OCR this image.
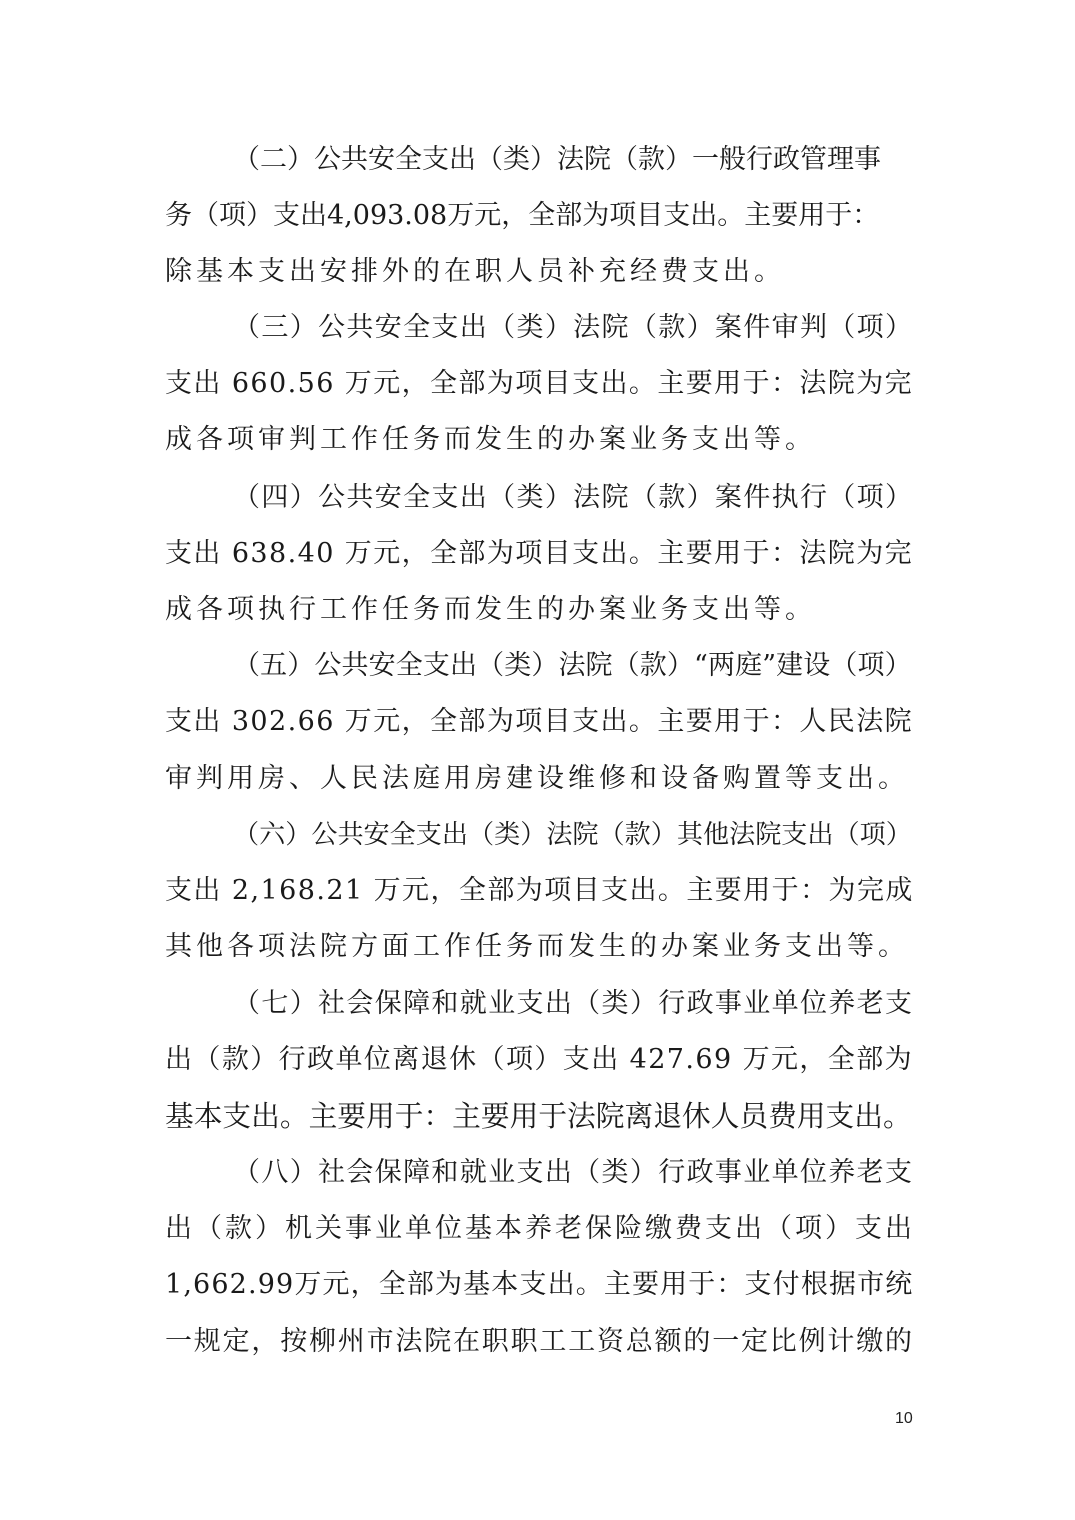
（二）公共安全支出（类）法院（款）一般行政管理事
务（项）支出4,093.08万元，全部为项目支出。主要用于：
除基本支出安排外的在职人员补充经费支出。
（三）公共安全支出（类）法院（款）案件审判（项）
支出 660.56 万元，全部为项目支出。主要用于：法院为完
成各项审判工作任务而发生的办案业务支出等。
（四）公共安全支出（类）法院（款）案件执行（项）
支出 638.40 万元，全部为项目支出。主要用于：法院为完
成各项执行工作任务而发生的办案业务支出等。
（五）公共安全支出（类）法院（款）“两庭”建设（项）
支出 302.66 万元，全部为项目支出。主要用于：人民法院
审判用房、人民法庭用房建设维修和设备购置等支出。
（六）公共安全支出（类）法院（款）其他法院支出（项）
支出 2,168.21 万元，全部为项目支出。主要用于：为完成
其他各项法院方面工作任务而发生的办案业务支出等。
（七）社会保障和就业支出（类）行政事业单位养老支
出（款）行政单位离退休（项）支出 427.69 万元，全部为
基本支出。主要用于：主要用于法院离退休人员费用支出。
（八）社会保障和就业支出（类）行政事业单位养老支
出（款）机关事业单位基本养老保险缴费支出（项）支出
1,662.99万元，全部为基本支出。主要用于：支付根据市统
一规定，按柳州市法院在职职工工资总额的一定比例计缴的
10
